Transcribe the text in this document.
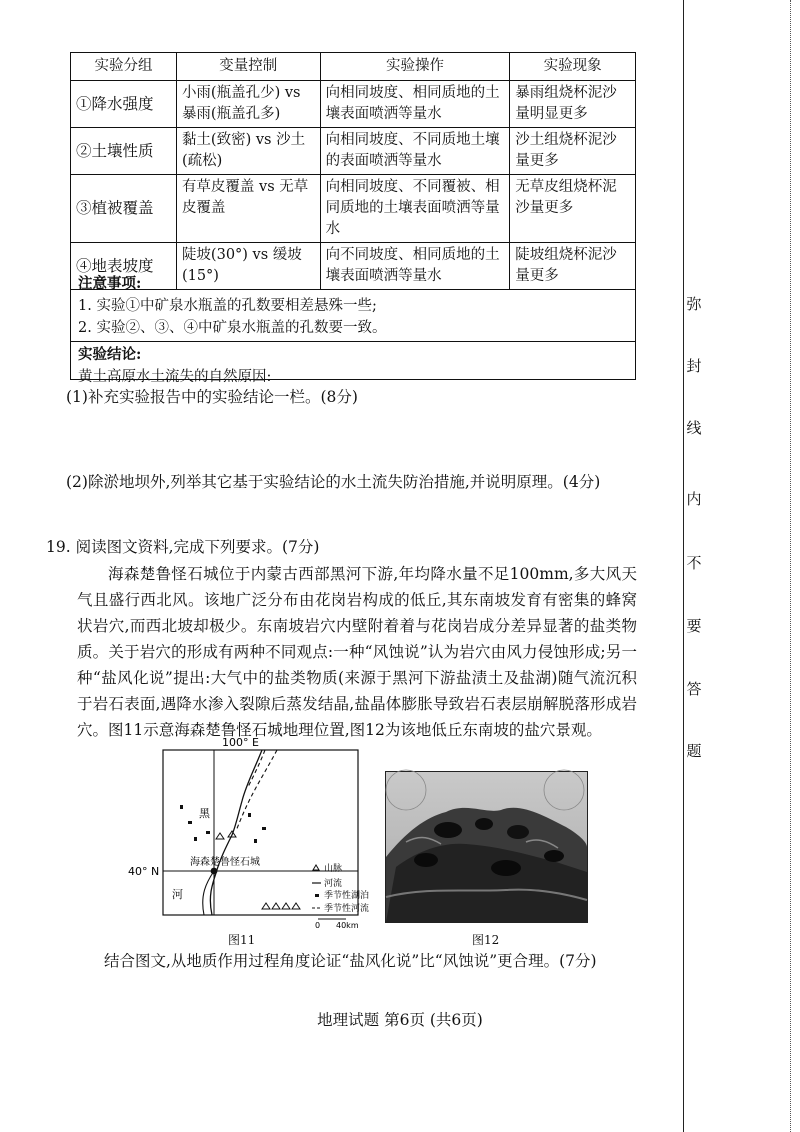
实验分组	变量控制	实验操作	实验现象
①降水强度	小雨(瓶盖孔少) vs 暴雨(瓶盖孔多)	向相同坡度、相同质地的土壤表面喷洒等量水	暴雨组烧杯泥沙量明显更多
②土壤性质	黏土(致密) vs 沙土(疏松)	向相同坡度、不同质地土壤的表面喷洒等量水	沙土组烧杯泥沙量更多
③植被覆盖	有草皮覆盖 vs 无草皮覆盖	向相同坡度、不同覆被、相同质地的土壤表面喷洒等量水	无草皮组烧杯泥沙量更多
④地表坡度	陡坡(30°) vs 缓坡(15°)	向不同坡度、相同质地的土壤表面喷洒等量水	陡坡组烧杯泥沙量更多
注意事项:
1. 实验①中矿泉水瓶盖的孔数要相差悬殊一些;
2. 实验②、③、④中矿泉水瓶盖的孔数要一致。
实验结论:
黄土高原水土流失的自然原因:
(1)补充实验报告中的实验结论一栏。(8分)
(2)除淤地坝外,列举其它基于实验结论的水土流失防治措施,并说明原理。(4分)
19. 阅读图文资料,完成下列要求。(7分)
海森楚鲁怪石城位于内蒙古西部黑河下游,年均降水量不足100mm,多大风天气且盛行西北风。该地广泛分布由花岗岩构成的低丘,其东南坡发育有密集的蜂窝状岩穴,而西北坡却极少。东南坡岩穴内壁附着着与花岗岩成分差异显著的盐类物质。关于岩穴的形成有两种不同观点:一种“风蚀说”认为岩穴由风力侵蚀形成;另一种“盐风化说”提出:大气中的盐类物质(来源于黑河下游盐渍土及盐湖)随气流沉积于岩石表面,遇降水渗入裂隙后蒸发结晶,盐晶体膨胀导致岩石表层崩解脱落形成岩穴。图11示意海森楚鲁怪石城地理位置,图12为该地低丘东南坡的盐穴景观。
100° E
40° N
黑
河
海森楚鲁怪石城
山脉
河流
季节性湖泊
季节性河流
0 40km
图11	图12
结合图文,从地质作用过程角度论证“盐风化说”比“风蚀说”更合理。(7分)
地理试题 第6页 (共6页)
弥
封
线
内
不
要
答
题
